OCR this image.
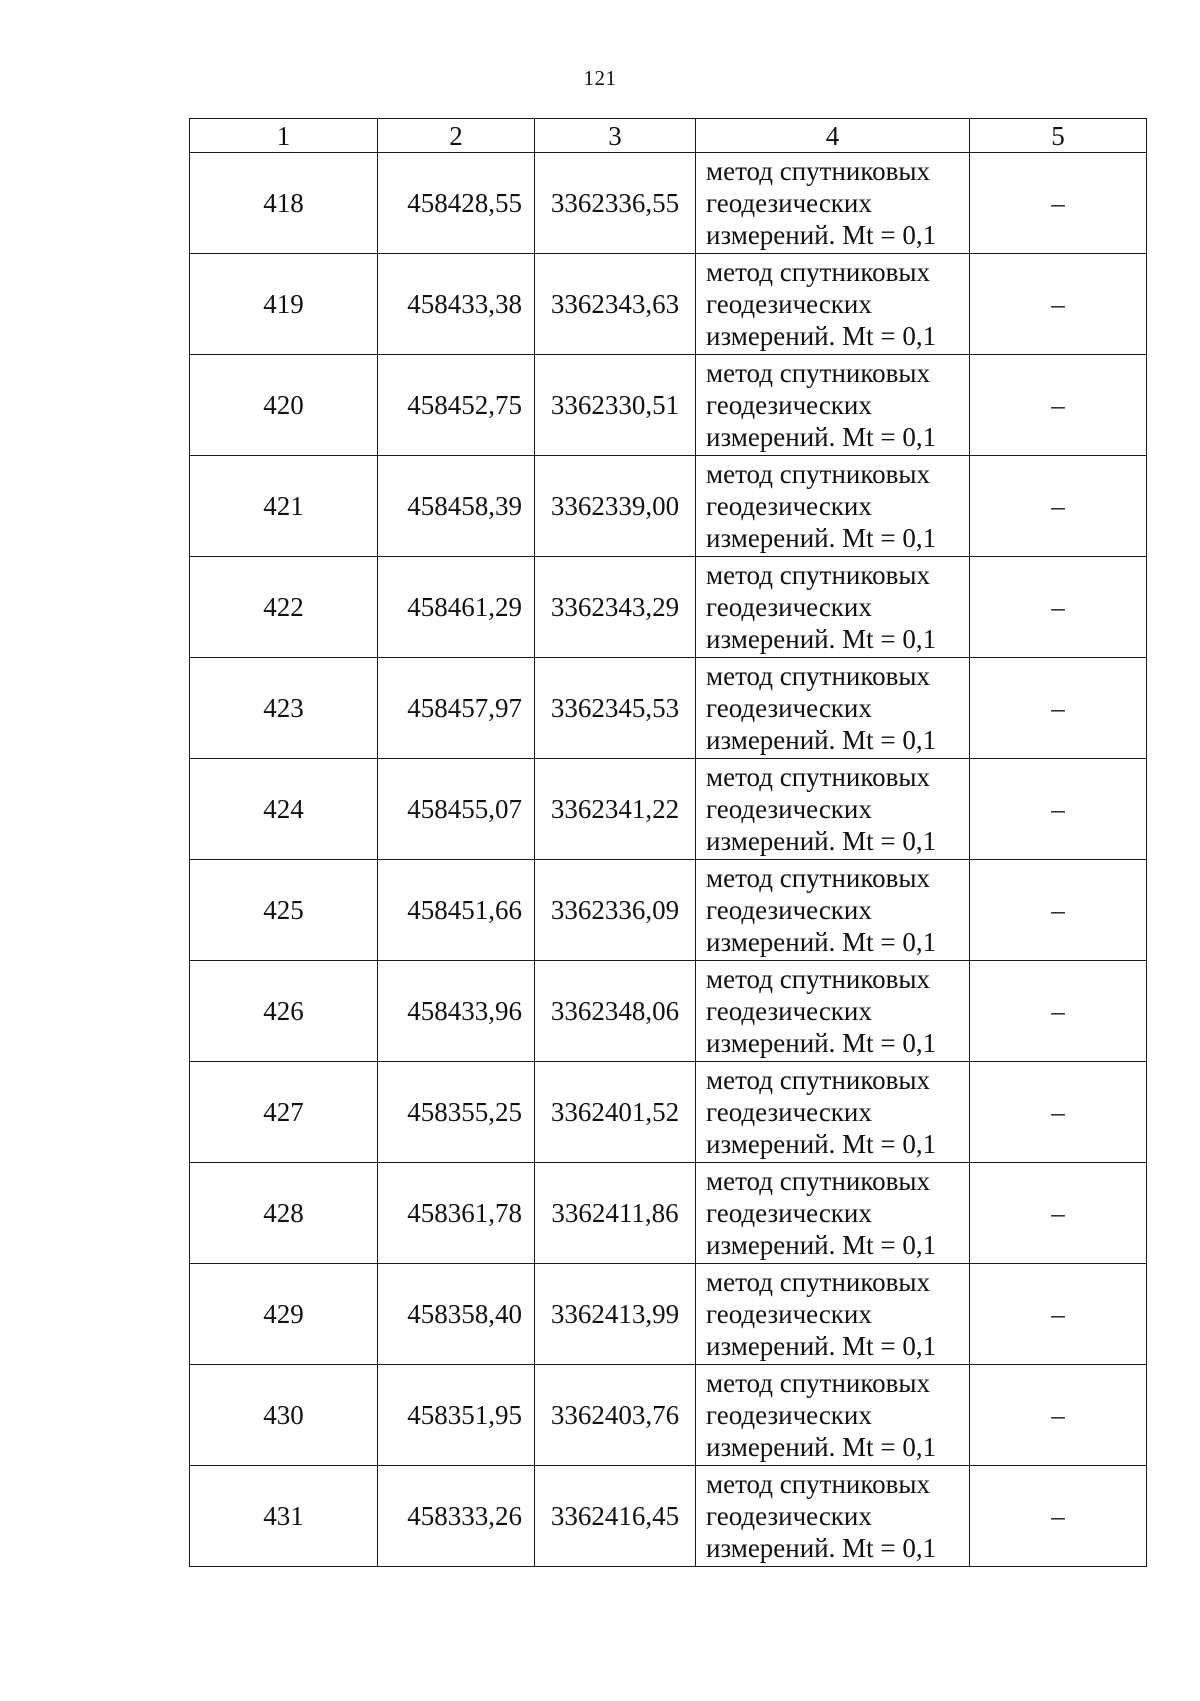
121
1	2	3	4	5
418	458428,55	3362336,55	метод спутниковых
геодезических
измерений. Mt = 0,1	–
419	458433,38	3362343,63	метод спутниковых
геодезических
измерений. Mt = 0,1	–
420	458452,75	3362330,51	метод спутниковых
геодезических
измерений. Mt = 0,1	–
421	458458,39	3362339,00	метод спутниковых
геодезических
измерений. Mt = 0,1	–
422	458461,29	3362343,29	метод спутниковых
геодезических
измерений. Mt = 0,1	–
423	458457,97	3362345,53	метод спутниковых
геодезических
измерений. Mt = 0,1	–
424	458455,07	3362341,22	метод спутниковых
геодезических
измерений. Mt = 0,1	–
425	458451,66	3362336,09	метод спутниковых
геодезических
измерений. Mt = 0,1	–
426	458433,96	3362348,06	метод спутниковых
геодезических
измерений. Mt = 0,1	–
427	458355,25	3362401,52	метод спутниковых
геодезических
измерений. Mt = 0,1	–
428	458361,78	3362411,86	метод спутниковых
геодезических
измерений. Mt = 0,1	–
429	458358,40	3362413,99	метод спутниковых
геодезических
измерений. Mt = 0,1	–
430	458351,95	3362403,76	метод спутниковых
геодезических
измерений. Mt = 0,1	–
431	458333,26	3362416,45	метод спутниковых
геодезических
измерений. Mt = 0,1	–
